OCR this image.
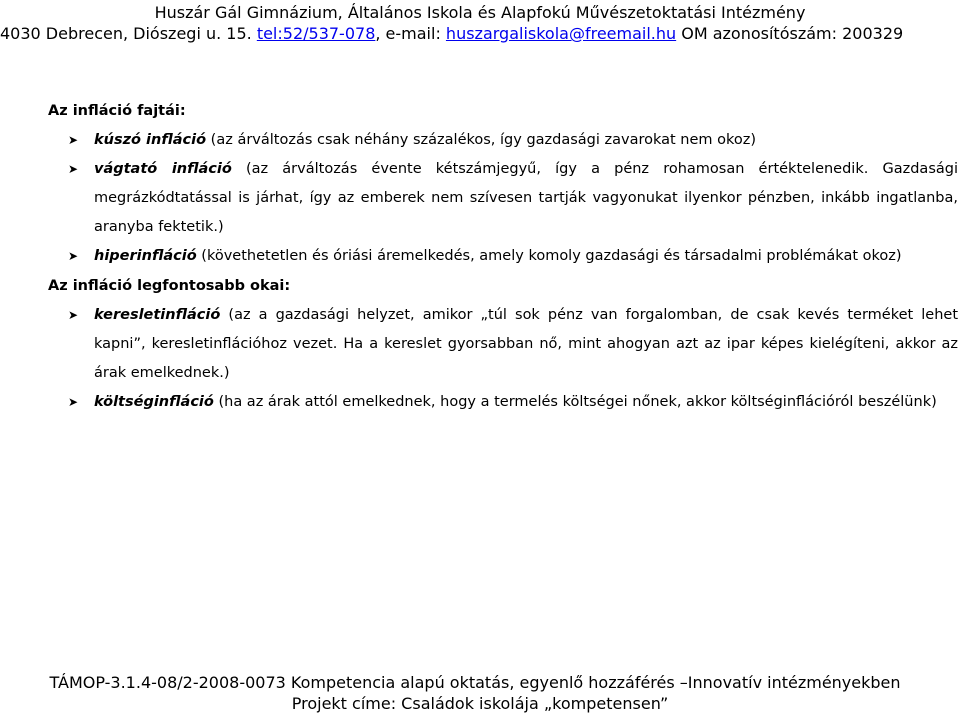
Huszár Gál Gimnázium, Általános Iskola és Alapfokú Művészetoktatási Intézmény
4030 Debrecen, Diószegi u. 15. tel:52/537-078, e-mail: huszargaliskola@freemail.hu OM azonosítószám: 200329

Az infláció fajtái:

➤ kúszó infláció (az árváltozás csak néhány százalékos, így gazdasági zavarokat nem okoz)
➤ vágtató infláció (az árváltozás évente kétszámjegyű, így a pénz rohamosan értéktelenedik. Gazdasági megrázkódtatással is járhat, így az emberek nem szívesen tartják vagyonukat ilyenkor pénzben, inkább ingatlanba, aranyba fektetik.)
➤ hiperinfláció (követhetetlen és óriási áremelkedés, amely komoly gazdasági és társadalmi problémákat okoz)

Az infláció legfontosabb okai:

➤ keresletinfláció (az a gazdasági helyzet, amikor „túl sok pénz van forgalomban, de csak kevés terméket lehet kapni”, keresletinflációhoz vezet. Ha a kereslet gyorsabban nő, mint ahogyan azt az ipar képes kielégíteni, akkor az árak emelkednek.)
➤ költséginfláció (ha az árak attól emelkednek, hogy a termelés költségei nőnek, akkor költséginflációról beszélünk)
TÁMOP-3.1.4-08/2-2008-0073 Kompetencia alapú oktatás, egyenlő hozzáférés –Innovatív intézményekben
Projekt címe: Családok iskolája „kompetensen”
